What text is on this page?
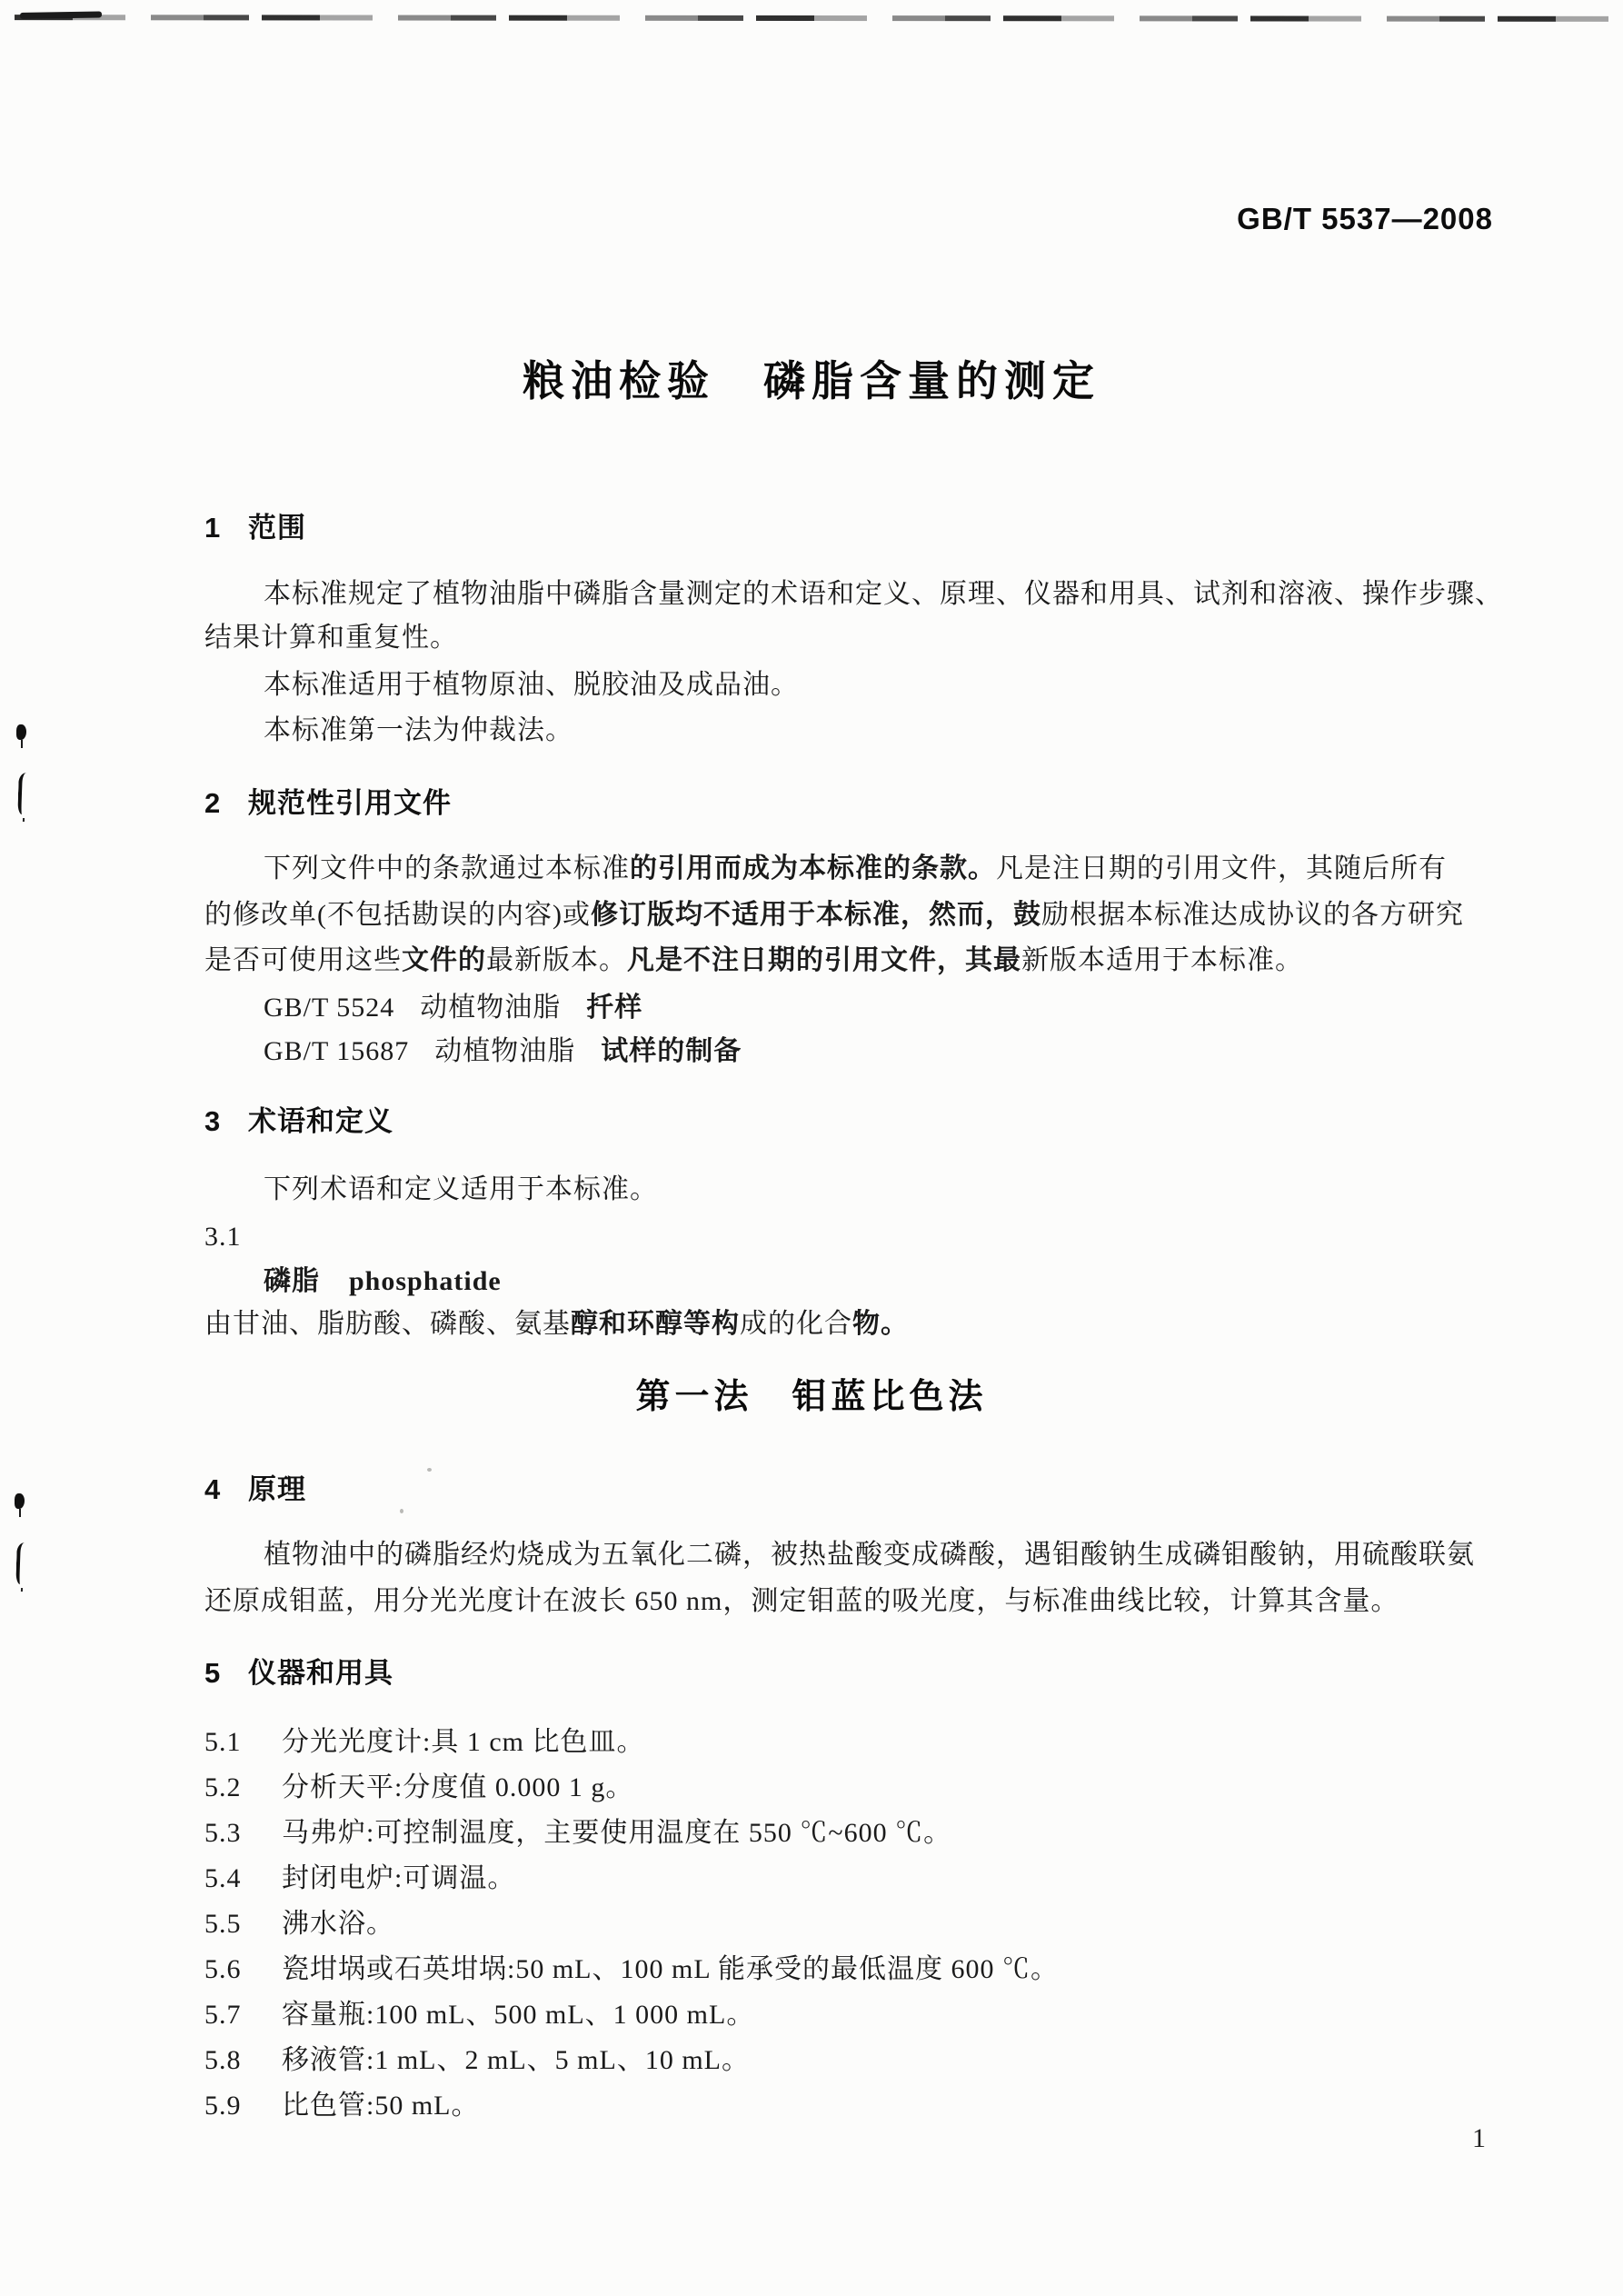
GB/T 5537—2008
粮油检验　磷脂含量的测定
1 范围
本标准规定了植物油脂中磷脂含量测定的术语和定义、原理、仪器和用具、试剂和溶液、操作步骤、
结果计算和重复性。
本标准适用于植物原油、脱胶油及成品油。
本标准第一法为仲裁法。
2 规范性引用文件
下列文件中的条款通过本标准的引用而成为本标准的条款。凡是注日期的引用文件，其随后所有
的修改单(不包括勘误的内容)或修订版均不适用于本标准，然而，鼓励根据本标准达成协议的各方研究
是否可使用这些文件的最新版本。凡是不注日期的引用文件，其最新版本适用于本标准。
GB/T 5524 动植物油脂 扦样
GB/T 15687 动植物油脂 试样的制备
3 术语和定义
下列术语和定义适用于本标准。
3.1
磷脂 phosphatide
由甘油、脂肪酸、磷酸、氨基醇和环醇等构成的化合物。
第一法　钼蓝比色法
4 原理
植物油中的磷脂经灼烧成为五氧化二磷，被热盐酸变成磷酸，遇钼酸钠生成磷钼酸钠，用硫酸联氨
还原成钼蓝，用分光光度计在波长 650 nm，测定钼蓝的吸光度，与标准曲线比较，计算其含量。
5 仪器和用具
5.1 分光光度计:具 1 cm 比色皿。
5.2 分析天平:分度值 0.000 1 g。
5.3 马弗炉:可控制温度，主要使用温度在 550 ℃~600 ℃。
5.4 封闭电炉:可调温。
5.5 沸水浴。
5.6 瓷坩埚或石英坩埚:50 mL、100 mL 能承受的最低温度 600 ℃。
5.7 容量瓶:100 mL、500 mL、1 000 mL。
5.8 移液管:1 mL、2 mL、5 mL、10 mL。
5.9 比色管:50 mL。
1
